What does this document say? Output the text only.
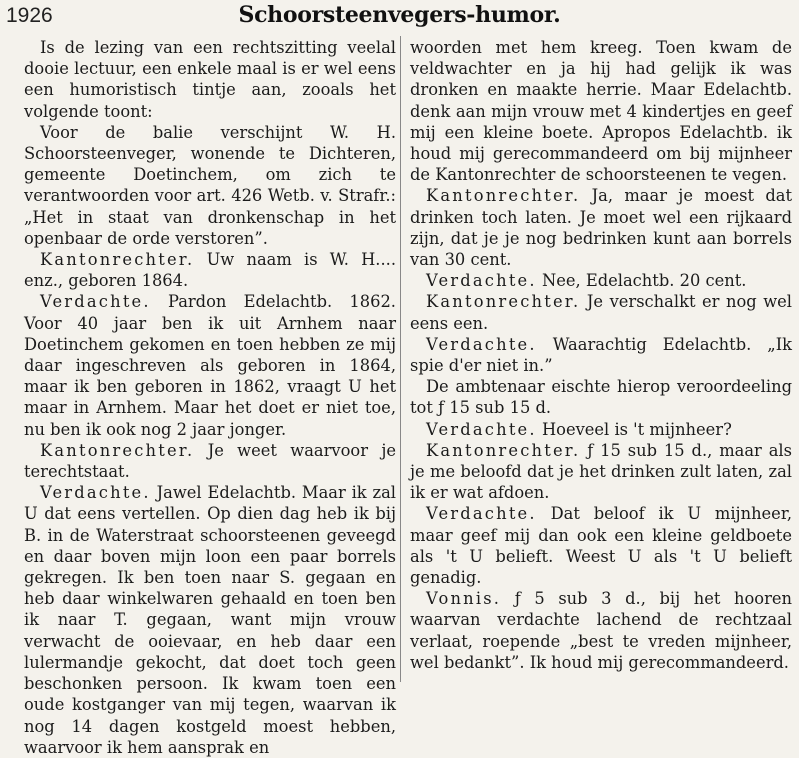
1926	Schoorsteenvegers-humor.

Is de lezing van een rechtszitting veelal dooie lectuur, een enkele maal is er wel eens een humoristisch tintje aan, zooals het volgende toont:

Voor de balie verschijnt W. H. Schoorsteenveger, wonende te Dichteren, gemeente Doetinchem, om zich te verantwoorden voor art. 426 Wetb. v. Strafr.: „Het in staat van dronkenschap in het openbaar de orde verstoren”.

Kantonrechter. Uw naam is W. H.... enz., geboren 1864.

Verdachte. Pardon Edelachtb. 1862. Voor 40 jaar ben ik uit Arnhem naar Doetinchem gekomen en toen hebben ze mij daar ingeschreven als geboren in 1864, maar ik ben geboren in 1862, vraagt U het maar in Arnhem. Maar het doet er niet toe, nu ben ik ook nog 2 jaar jonger.

Kantonrechter. Je weet waarvoor je terechtstaat.

Verdachte. Jawel Edelachtb. Maar ik zal U dat eens vertellen. Op dien dag heb ik bij B. in de Waterstraat schoorsteenen geveegd en daar boven mijn loon een paar borrels gekregen. Ik ben toen naar S. gegaan en heb daar winkelwaren gehaald en toen ben ik naar T. gegaan, want mijn vrouw verwacht de ooievaar, en heb daar een lulermandje gekocht, dat doet toch geen beschonken persoon. Ik kwam toen een oude kostganger van mij tegen, waarvan ik nog 14 dagen kostgeld moest hebben, waarvoor ik hem aansprak en

woorden met hem kreeg. Toen kwam de veldwachter en ja hij had gelijk ik was dronken en maakte herrie. Maar Edelachtb. denk aan mijn vrouw met 4 kindertjes en geef mij een kleine boete. Apropos Edelachtb. ik houd mij gerecommandeerd om bij mijnheer de Kantonrechter de schoorsteenen te vegen.

Kantonrechter. Ja, maar je moest dat drinken toch laten. Je moet wel een rijkaard zijn, dat je je nog bedrinken kunt aan borrels van 30 cent.

Verdachte. Nee, Edelachtb. 20 cent.

Kantonrechter. Je verschalkt er nog wel eens een.

Verdachte. Waarachtig Edelachtb. „Ik spie d'er niet in.”

De ambtenaar eischte hierop veroordeeling tot ƒ 15 sub 15 d.

Verdachte. Hoeveel is 't mijnheer?

Kantonrechter. ƒ 15 sub 15 d., maar als je me beloofd dat je het drinken zult laten, zal ik er wat afdoen.

Verdachte. Dat beloof ik U mijnheer, maar geef mij dan ook een kleine geldboete als 't U belieft. Weest U als 't U belieft genadig.

Vonnis. ƒ 5 sub 3 d., bij het hooren waarvan verdachte lachend de rechtzaal verlaat, roepende „best te vreden mijnheer, wel bedankt”. Ik houd mij gerecommandeerd.
